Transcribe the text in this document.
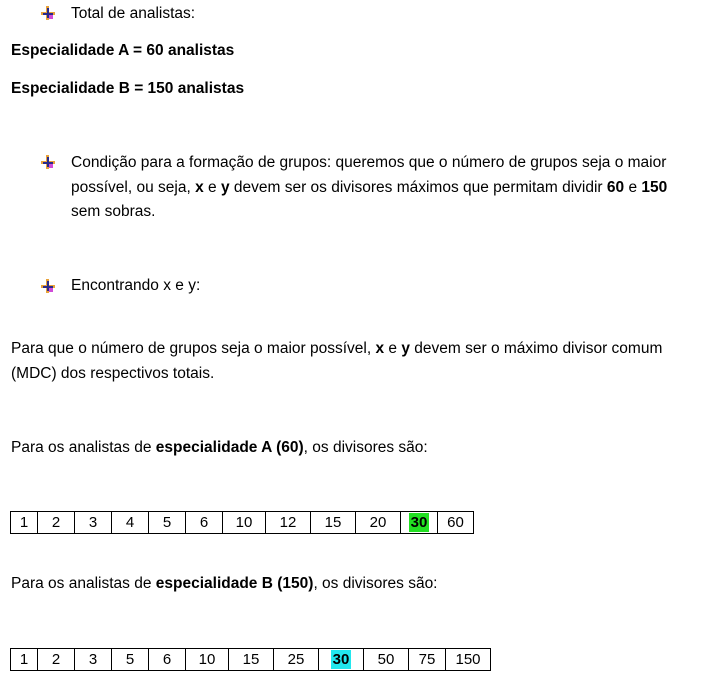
Total de analistas:
Especialidade A = 60 analistas
Especialidade B = 150 analistas
Condição para a formação de grupos: queremos que o número de grupos seja o maior
possível, ou seja, x e y devem ser os divisores máximos que permitam dividir 60 e 150
sem sobras.
Encontrando x e y:
Para que o número de grupos seja o maior possível, x e y devem ser o máximo divisor comum
(MDC) dos respectivos totais.
Para os analistas de especialidade A (60), os divisores são:
1	2	3	4	5	6	10	12	15	20	30	60
Para os analistas de especialidade B (150), os divisores são:
1	2	3	5	6	10	15	25	30	50	75	150
